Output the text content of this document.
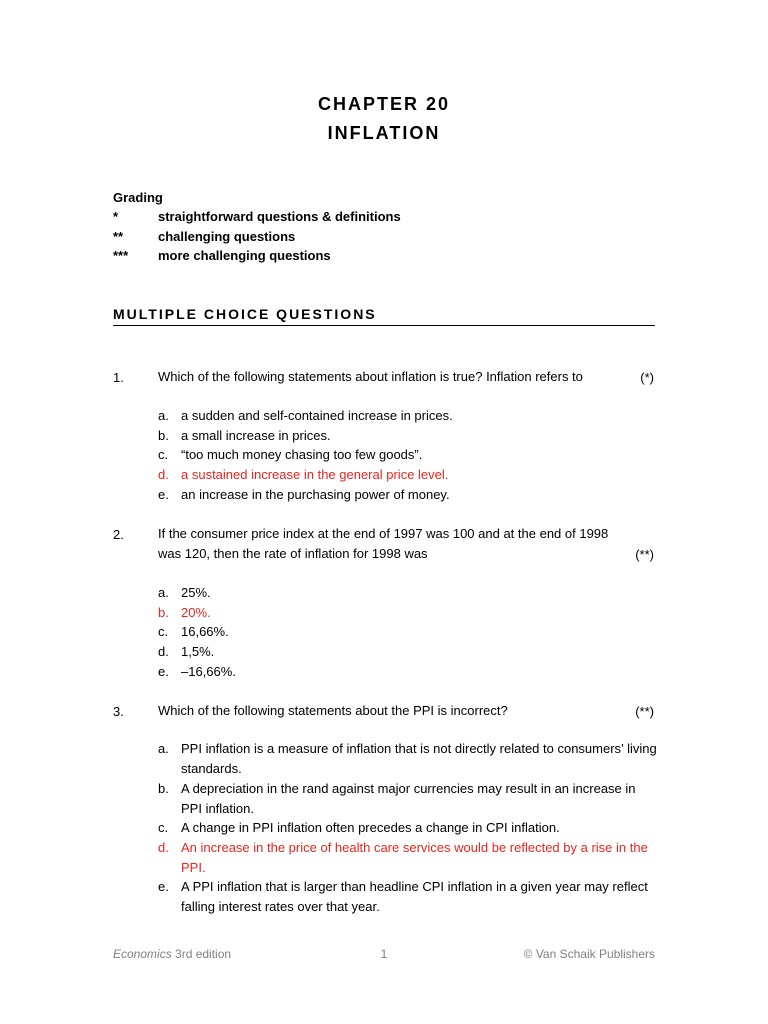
CHAPTER 20
INFLATION
Grading
*	straightforward questions & definitions
**	challenging questions
*** more challenging questions
MULTIPLE CHOICE QUESTIONS
1.	Which of the following statements about inflation is true? Inflation refers to	(*)
a. a sudden and self-contained increase in prices.
b. a small increase in prices.
c. “too much money chasing too few goods”.
d. a sustained increase in the general price level.
e. an increase in the purchasing power of money.
2.	If the consumer price index at the end of 1997 was 100 and at the end of 1998
was 120, then the rate of inflation for 1998 was	(**)
a. 25%.
b. 20%.
c. 16,66%.
d. 1,5%.
e. –16,66%.
3.	Which of the following statements about the PPI is incorrect?	(**)
a. PPI inflation is a measure of inflation that is not directly related to consumers’ living standards.
b. A depreciation in the rand against major currencies may result in an increase in PPI inflation.
c. A change in PPI inflation often precedes a change in CPI inflation.
d. An increase in the price of health care services would be reflected by a rise in the PPI.
e. A PPI inflation that is larger than headline CPI inflation in a given year may reflect falling interest rates over that year.
Economics 3rd edition	1	© Van Schaik Publishers
